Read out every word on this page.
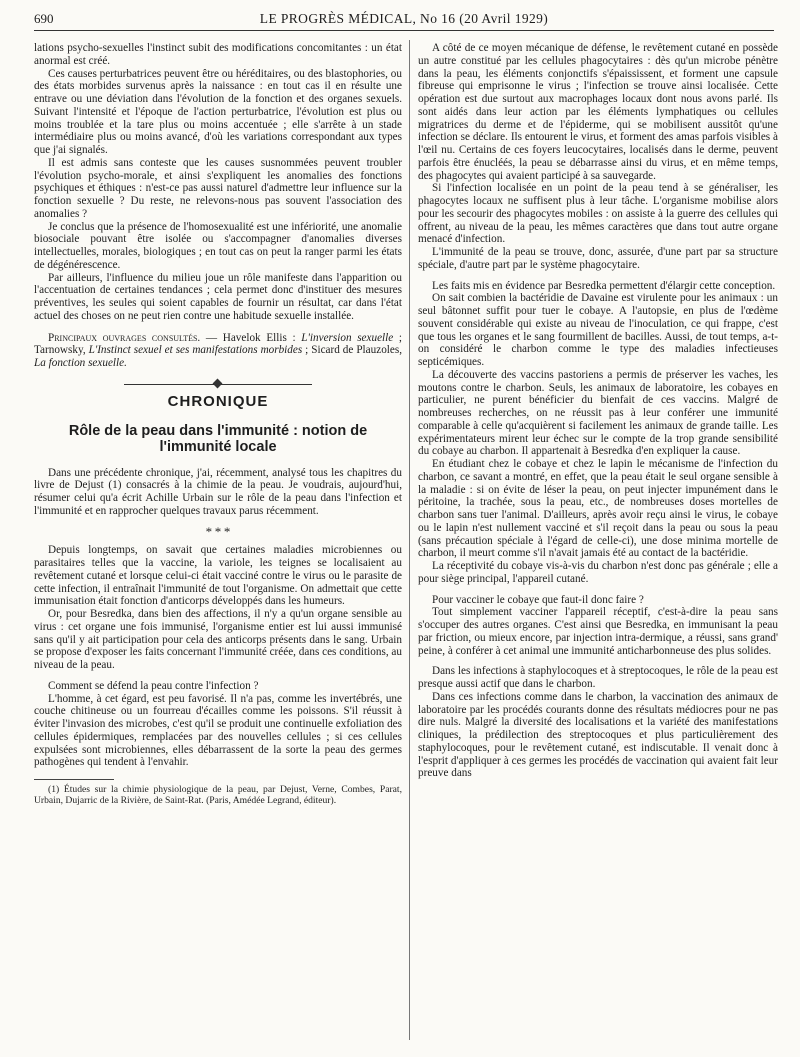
690	LE PROGRÈS MÉDICAL, No 16 (20 Avril 1929)

lations psycho-sexuelles l'instinct subit des modifications concomitantes : un état anormal est créé.

Ces causes perturbatrices peuvent être ou héréditaires, ou des blastophories, ou des états morbides survenus après la naissance : en tout cas il en résulte une entrave ou une déviation dans l'évolution de la fonction et des organes sexuels. Suivant l'intensité et l'époque de l'action perturbatrice, l'évolution est plus ou moins troublée et la tare plus ou moins accentuée ; elle s'arrête à un stade intermédiaire plus ou moins avancé, d'où les variations correspondant aux types que j'ai signalés.

Il est admis sans conteste que les causes susnommées peuvent troubler l'évolution psycho-morale, et ainsi s'expliquent les anomalies des fonctions psychiques et éthiques : n'est-ce pas aussi naturel d'admettre leur influence sur la fonction sexuelle ? Du reste, ne relevons-nous pas souvent l'association des anomalies ?

Je conclus que la présence de l'homosexualité est une infériorité, une anomalie biosociale pouvant être isolée ou s'accompagner d'anomalies diverses intellectuelles, morales, biologiques ; en tout cas on peut la ranger parmi les états de dégénérescence.

Par ailleurs, l'influence du milieu joue un rôle manifeste dans l'apparition ou l'accentuation de certaines tendances ; cela permet donc d'instituer des mesures préventives, les seules qui soient capables de fournir un résultat, car dans l'état actuel des choses on ne peut rien contre une habitude sexuelle installée.

Principaux ouvrages consultés. — Havelok Ellis : L'inversion sexuelle ; Tarnowsky, L'Instinct sexuel et ses manifestations morbides ; Sicard de Plauzoles, La fonction sexuelle.

CHRONIQUE
Rôle de la peau dans l'immunité : notion de l'immunité locale

Dans une précédente chronique, j'ai, récemment, analysé tous les chapitres du livre de Dejust (1) consacrés à la chimie de la peau. Je voudrais, aujourd'hui, résumer celui qu'a écrit Achille Urbain sur le rôle de la peau dans l'infection et l'immunité et en rapprocher quelques travaux parus récemment.

* * *

Depuis longtemps, on savait que certaines maladies microbiennes ou parasitaires telles que la vaccine, la variole, les teignes se localisaient au revêtement cutané et lorsque celui-ci était vacciné contre le virus ou le parasite de cette infection, il entraînait l'immunité de tout l'organisme. On admettait que cette immunisation était fonction d'anticorps développés dans les humeurs.

Or, pour Besredka, dans bien des affections, il n'y a qu'un organe sensible au virus : cet organe une fois immunisé, l'organisme entier est lui aussi immunisé sans qu'il y ait participation pour cela des anticorps présents dans le sang. Urbain se propose d'exposer les faits concernant l'immunité créée, dans ces conditions, au niveau de la peau.

Comment se défend la peau contre l'infection ?

L'homme, à cet égard, est peu favorisé. Il n'a pas, comme les invertébrés, une couche chitineuse ou un fourreau d'écailles comme les poissons. S'il réussit à éviter l'invasion des microbes, c'est qu'il se produit une continuelle exfoliation des cellules épidermiques, remplacées par des nouvelles cellules ; si ces cellules expulsées sont microbiennes, elles débarrassent de la sorte la peau des germes pathogènes qui tendent à l'envahir.

(1) Études sur la chimie physiologique de la peau, par Dejust, Verne, Combes, Parat, Urbain, Dujarric de la Rivière, de Saint-Rat. (Paris, Amédée Legrand, éditeur).

A côté de ce moyen mécanique de défense, le revêtement cutané en possède un autre constitué par les cellules phagocytaires : dès qu'un microbe pénètre dans la peau, les éléments conjonctifs s'épaississent, et forment une capsule fibreuse qui emprisonne le virus ; l'infection se trouve ainsi localisée. Cette opération est due surtout aux macrophages locaux dont nous avons parlé. Ils sont aidés dans leur action par les éléments lymphatiques ou cellules migratrices du derme et de l'épiderme, qui se mobilisent aussitôt qu'une infection se déclare. Ils entourent le virus, et forment des amas parfois visibles à l'œil nu. Certains de ces foyers leucocytaires, localisés dans le derme, peuvent parfois être énucléés, la peau se débarrasse ainsi du virus, et en même temps, des phagocytes qui avaient participé à sa sauvegarde.

Si l'infection localisée en un point de la peau tend à se généraliser, les phagocytes locaux ne suffisent plus à leur tâche. L'organisme mobilise alors pour les secourir des phagocytes mobiles : on assiste à la guerre des cellules qui offrent, au niveau de la peau, les mêmes caractères que dans tout autre organe menacé d'infection.

L'immunité de la peau se trouve, donc, assurée, d'une part par sa structure spéciale, d'autre part par le système phagocytaire.

Les faits mis en évidence par Besredka permettent d'élargir cette conception.

On sait combien la bactéridie de Davaine est virulente pour les animaux : un seul bâtonnet suffit pour tuer le cobaye. A l'autopsie, en plus de l'œdème souvent considérable qui existe au niveau de l'inoculation, ce qui frappe, c'est que tous les organes et le sang fourmillent de bacilles. Aussi, de tout temps, a-t-on considéré le charbon comme le type des maladies infectieuses septicémiques.

La découverte des vaccins pastoriens a permis de préserver les vaches, les moutons contre le charbon. Seuls, les animaux de laboratoire, les cobayes en particulier, ne purent bénéficier du bienfait de ces vaccins. Malgré de nombreuses recherches, on ne réussit pas à leur conférer une immunité comparable à celle qu'acquièrent si facilement les animaux de grande taille. Les expérimentateurs mirent leur échec sur le compte de la trop grande sensibilité du cobaye au charbon. Il appartenait à Besredka d'en expliquer la cause.

En étudiant chez le cobaye et chez le lapin le mécanisme de l'infection du charbon, ce savant a montré, en effet, que la peau était le seul organe sensible à la maladie : si on évite de léser la peau, on peut injecter impunément dans le péritoine, la trachée, sous la peau, etc., de nombreuses doses mortelles de charbon sans tuer l'animal. D'ailleurs, après avoir reçu ainsi le virus, le cobaye ou le lapin n'est nullement vacciné et s'il reçoit dans la peau ou sous la peau (sans précaution spéciale à l'égard de celle-ci), une dose minima mortelle de charbon, il meurt comme s'il n'avait jamais été au contact de la bactéridie.

La réceptivité du cobaye vis-à-vis du charbon n'est donc pas générale ; elle a pour siège principal, l'appareil cutané.

Pour vacciner le cobaye que faut-il donc faire ?

Tout simplement vacciner l'appareil réceptif, c'est-à-dire la peau sans s'occuper des autres organes. C'est ainsi que Besredka, en immunisant la peau par friction, ou mieux encore, par injection intra-dermique, a réussi, sans grand' peine, à conférer à cet animal une immunité anticharbonneuse des plus solides.

Dans les infections à staphylocoques et à streptocoques, le rôle de la peau est presque aussi actif que dans le charbon.

Dans ces infections comme dans le charbon, la vaccination des animaux de laboratoire par les procédés courants donne des résultats médiocres pour ne pas dire nuls. Malgré la diversité des localisations et la variété des manifestations cliniques, la prédilection des streptocoques et plus particulièrement des staphylocoques, pour le revêtement cutané, est indiscutable. Il venait donc à l'esprit d'appliquer à ces germes les procédés de vaccination qui avaient fait leur preuve dans
